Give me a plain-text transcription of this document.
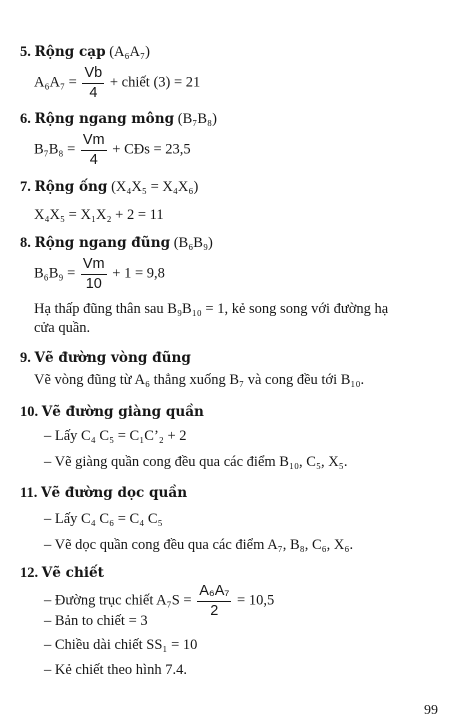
5. Rộng cạp (A₆A₇)
$A_6A_7 = \frac{Vb}{4}$ + chiết (3) = 21
6. Rộng ngang mông (B₇B₈)
$B_7B_8 = \frac{Vm}{4}$ + CĐs = 23,5
7. Rộng ống (X₄X₅ = X₄X₆)
X₄X₅ = X₁X₂ + 2 = 11
8. Rộng ngang đũng (B₆B₉)
$B_6B_9 = \frac{Vm}{10} + 1 = 9,8$
Hạ thấp đũng thân sau B₉B₁₀ = 1, kẻ song song với đường hạ
cửa quần.
9. Vẽ đường vòng đũng
Vẽ vòng đũng từ A₆ thẳng xuống B₇ và cong đều tới B₁₀.
10. Vẽ đường giàng quần
– Lấy C₄ C₅ = C₁C’₂ + 2
– Vẽ giàng quần cong đều qua các điểm B₁₀, C₅, X₅.
11. Vẽ đường dọc quần
– Lấy C₄ C₆ = C₄ C₅
– Vẽ dọc quần cong đều qua các điểm A₇, B₈, C₆, X₆.
12. Vẽ chiết
– Đường trục chiết $A_7S = \frac{\text{A₆A₇}}{2} = 10,5$
– Bản to chiết = 3
– Chiều dài chiết SS₁ = 10
– Kẻ chiết theo hình 7.4.
99
